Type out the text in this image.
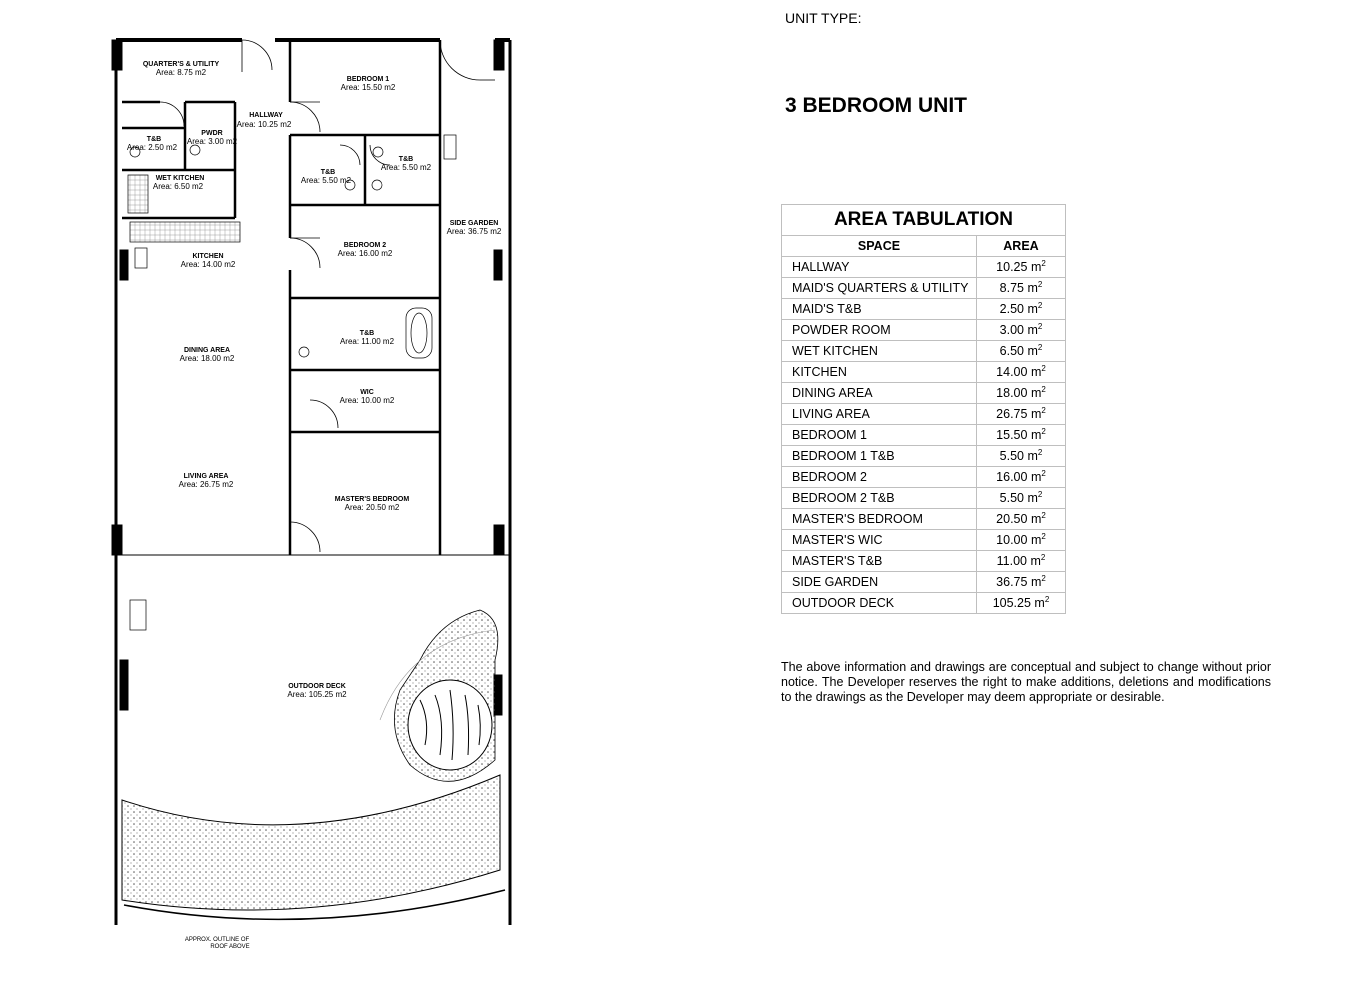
QUARTER'S & UTILITY
Area: 8.75 m2
HALLWAY
Area: 10.25 m2
PWDR
Area: 3.00 m2
T&B
Area: 2.50 m2
WET KITCHEN
Area: 6.50 m2
KITCHEN
Area: 14.00 m2
DINING AREA
Area: 18.00 m2
LIVING AREA
Area: 26.75 m2
BEDROOM 1
Area: 15.50 m2
T&B
Area: 5.50 m2
T&B
Area: 5.50 m2
SIDE GARDEN
Area: 36.75 m2
BEDROOM 2
Area: 16.00 m2
T&B
Area: 11.00 m2
WIC
Area: 10.00 m2
MASTER'S BEDROOM
Area: 20.50 m2
OUTDOOR DECK
Area: 105.25 m2
APPROX. OUTLINE OF
ROOF ABOVE
UNIT TYPE:
3 BEDROOM UNIT
AREA TABULATION	
SPACE	AREA
HALLWAY	10.25 $m^2$
MAID'S QUARTERS & UTILITY	8.75 $m^2$
MAID'S T&B	2.50 $m^2$
POWDER ROOM	3.00 $m^2$
WET KITCHEN	6.50 $m^2$
KITCHEN	14.00 $m^2$
DINING AREA	18.00 $m^2$
LIVING AREA	26.75 $m^2$
BEDROOM 1	15.50 $m^2$
BEDROOM 1 T&B	5.50 $m^2$
BEDROOM 2	16.00 $m^2$
BEDROOM 2 T&B	5.50 $m^2$
MASTER'S BEDROOM	20.50 $m^2$
MASTER'S WIC	10.00 $m^2$
MASTER'S T&B	11.00 $m^2$
SIDE GARDEN	36.75 $m^2$
OUTDOOR DECK	105.25 $m^2$
The above information and drawings are conceptual and subject to change without prior notice. The Developer reserves the right to make additions, deletions and modifications to the drawings as the Developer may deem appropriate or desirable.
